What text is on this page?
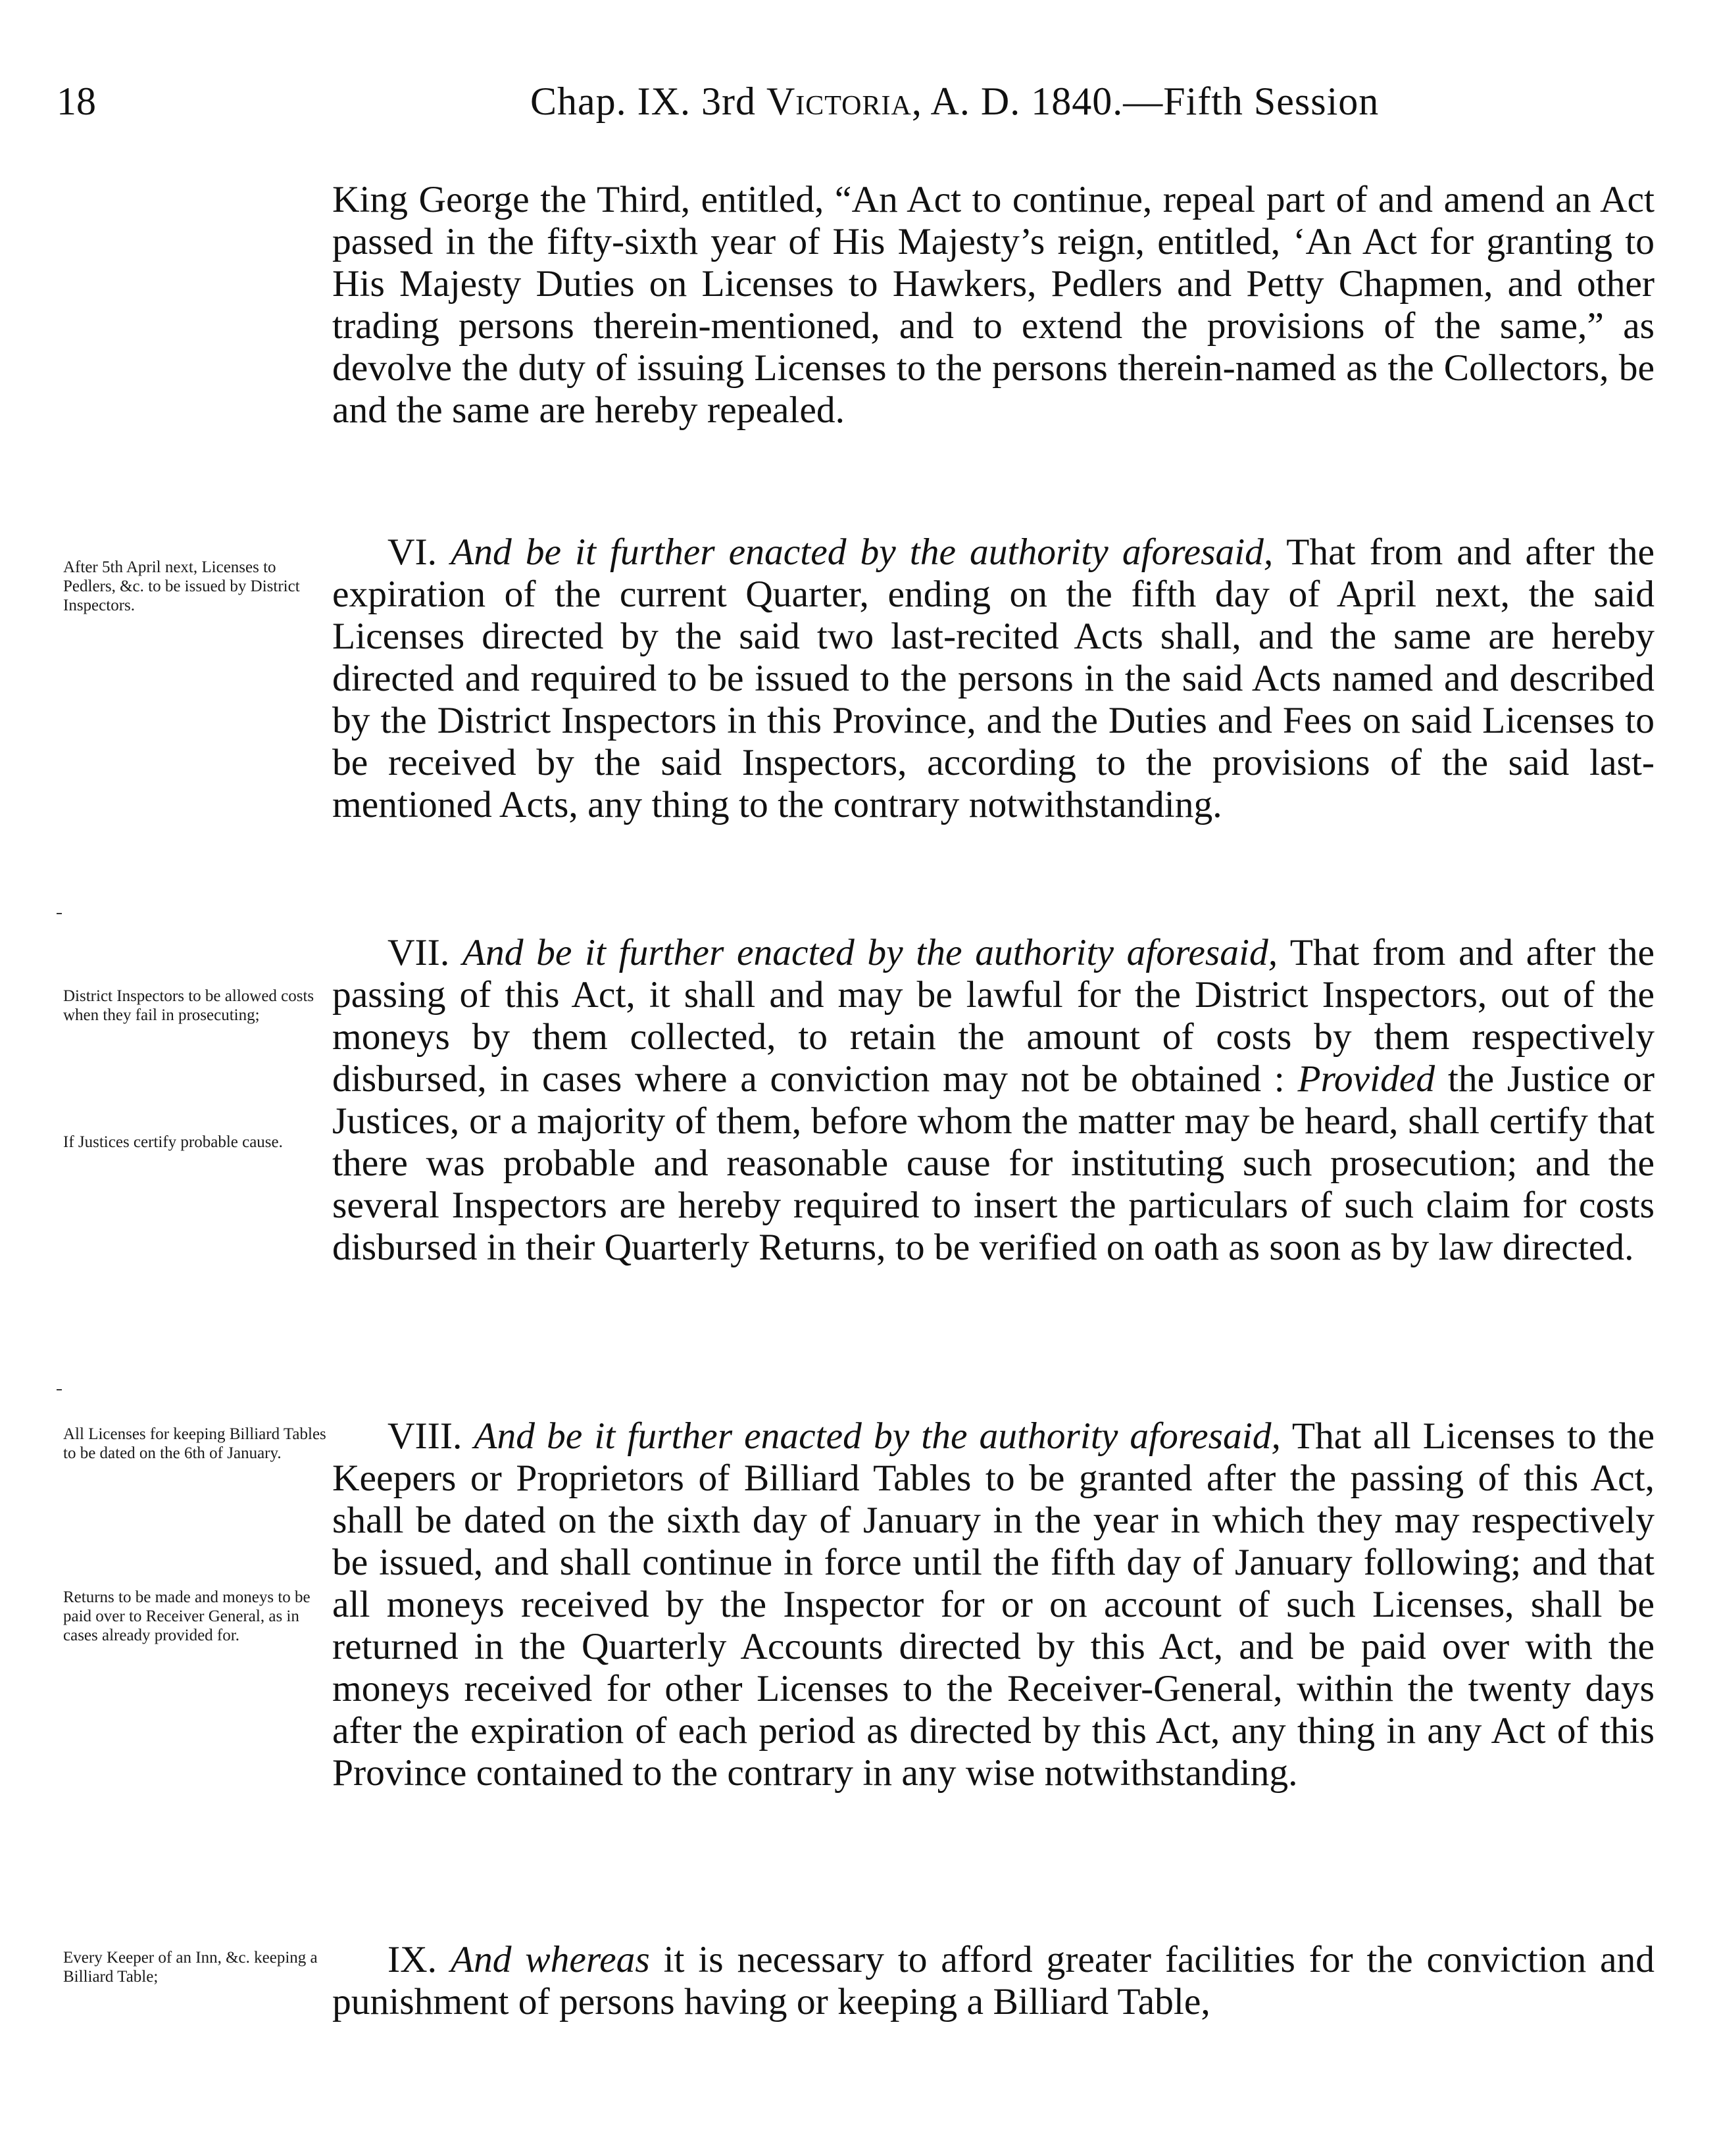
18	Chap. IX. 3rd Victoria, A. D. 1840.—Fifth Session

King George the Third, entitled, “An Act to continue, repeal part of and amend an Act passed in the fifty-sixth year of His Majesty’s reign, entitled, ‘An Act for granting to His Majesty Duties on Licenses to Hawkers, Pedlers and Petty Chapmen, and other trading persons therein-mentioned, and to extend the provisions of the same,” as devolve the duty of issuing Licenses to the persons therein-named as the Collectors, be and the same are hereby repealed.

VI. And be it further enacted by the authority aforesaid, That from and after the expiration of the current Quarter, ending on the fifth day of April next, the said Licenses directed by the said two last-recited Acts shall, and the same are hereby directed and required to be issued to the persons in the said Acts named and described by the District Inspectors in this Province, and the Duties and Fees on said Licenses to be received by the said Inspectors, according to the provisions of the said last-mentioned Acts, any thing to the contrary notwithstanding.

VII. And be it further enacted by the authority aforesaid, That from and after the passing of this Act, it shall and may be lawful for the District Inspectors, out of the moneys by them collected, to retain the amount of costs by them respectively disbursed, in cases where a conviction may not be obtained : Provided the Justice or Justices, or a majority of them, before whom the matter may be heard, shall certify that there was probable and reasonable cause for instituting such prosecution; and the several Inspectors are hereby required to insert the particulars of such claim for costs disbursed in their Quarterly Returns, to be verified on oath as soon as by law directed.

VIII. And be it further enacted by the authority aforesaid, That all Licenses to the Keepers or Proprietors of Billiard Tables to be granted after the passing of this Act, shall be dated on the sixth day of January in the year in which they may respectively be issued, and shall continue in force until the fifth day of January following; and that all moneys received by the Inspector for or on account of such Licenses, shall be returned in the Quarterly Accounts directed by this Act, and be paid over with the moneys received for other Licenses to the Receiver-General, within the twenty days after the expiration of each period as directed by this Act, any thing in any Act of this Province contained to the contrary in any wise notwithstanding.

IX. And whereas it is necessary to afford greater facilities for the conviction and punishment of persons having or keeping a Billiard Table,

After 5th April next, Licenses to Pedlers, &c. to be issued by District Inspectors.
District Inspectors to be allowed costs when they fail in prosecuting;
If Justices certify probable cause.
All Licenses for keeping Billiard Tables to be dated on the 6th of January.
Returns to be made and moneys to be paid over to Receiver General, as in cases already provided for.
Every Keeper of an Inn, &c. keeping a Billiard Table;
